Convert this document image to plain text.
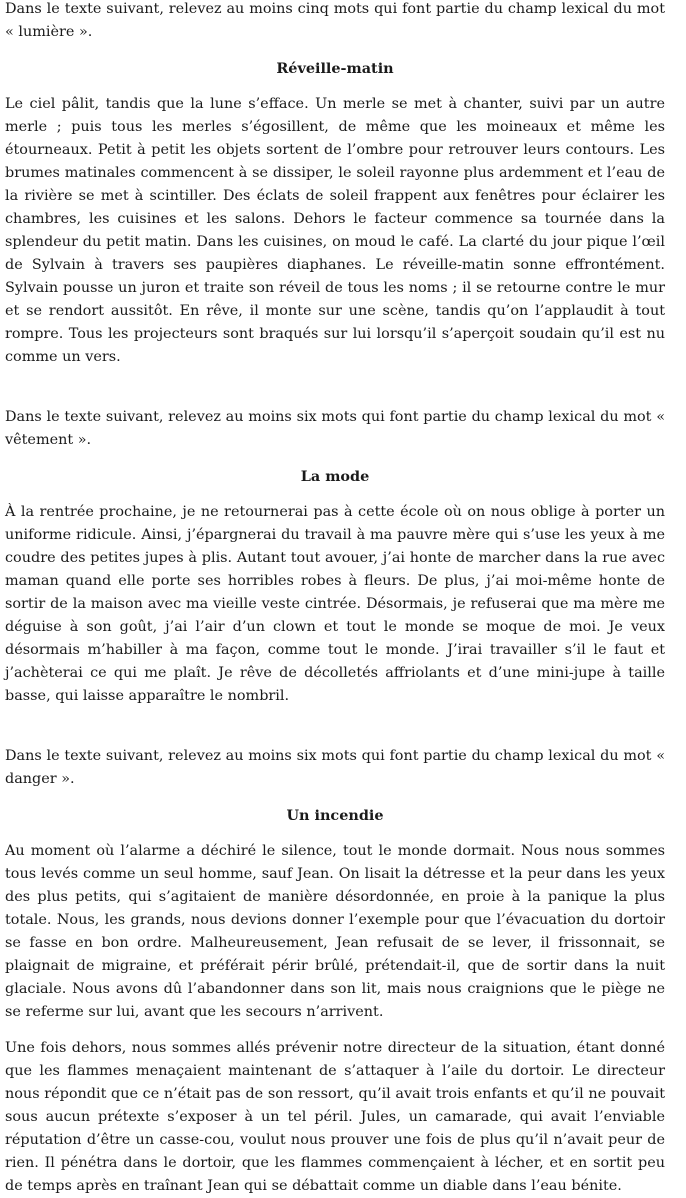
Dans le texte suivant, relevez au moins cinq mots qui font partie du champ lexical du mot « lumière ».

Réveille-matin

Le ciel pâlit, tandis que la lune s’efface. Un merle se met à chanter, suivi par un autre merle ; puis tous les merles s’égosillent, de même que les moineaux et même les étourneaux. Petit à petit les objets sortent de l’ombre pour retrouver leurs contours. Les brumes matinales commencent à se dissiper, le soleil rayonne plus ardemment et l’eau de la rivière se met à scintiller. Des éclats de soleil frappent aux fenêtres pour éclairer les chambres, les cuisines et les salons. Dehors le facteur commence sa tournée dans la splendeur du petit matin. Dans les cuisines, on moud le café. La clarté du jour pique l’œil de Sylvain à travers ses paupières diaphanes. Le réveille-matin sonne effrontément. Sylvain pousse un juron et traite son réveil de tous les noms ; il se retourne contre le mur et se rendort aussitôt. En rêve, il monte sur une scène, tandis qu’on l’applaudit à tout rompre. Tous les projecteurs sont braqués sur lui lorsqu’il s’aperçoit soudain qu’il est nu comme un vers.

Dans le texte suivant, relevez au moins six mots qui font partie du champ lexical du mot « vêtement ».

La mode

À la rentrée prochaine, je ne retournerai pas à cette école où on nous oblige à porter un uniforme ridicule. Ainsi, j’épargnerai du travail à ma pauvre mère qui s’use les yeux à me coudre des petites jupes à plis. Autant tout avouer, j’ai honte de marcher dans la rue avec maman quand elle porte ses horribles robes à fleurs. De plus, j’ai moi-même honte de sortir de la maison avec ma vieille veste cintrée. Désormais, je refuserai que ma mère me déguise à son goût, j’ai l’air d’un clown et tout le monde se moque de moi. Je veux désormais m’habiller à ma façon, comme tout le monde. J’irai travailler s’il le faut et j’achèterai ce qui me plaît. Je rêve de décolletés affriolants et d’une mini-jupe à taille basse, qui laisse apparaître le nombril.

Dans le texte suivant, relevez au moins six mots qui font partie du champ lexical du mot « danger ».

Un incendie

Au moment où l’alarme a déchiré le silence, tout le monde dormait. Nous nous sommes tous levés comme un seul homme, sauf Jean. On lisait la détresse et la peur dans les yeux des plus petits, qui s’agitaient de manière désordonnée, en proie à la panique la plus totale. Nous, les grands, nous devions donner l’exemple pour que l’évacuation du dortoir se fasse en bon ordre. Malheureusement, Jean refusait de se lever, il frissonnait, se plaignait de migraine, et préférait périr brûlé, prétendait-il, que de sortir dans la nuit glaciale. Nous avons dû l’abandonner dans son lit, mais nous craignions que le piège ne se referme sur lui, avant que les secours n’arrivent.

Une fois dehors, nous sommes allés prévenir notre directeur de la situation, étant donné que les flammes menaçaient maintenant de s’attaquer à l’aile du dortoir. Le directeur nous répondit que ce n’était pas de son ressort, qu’il avait trois enfants et qu’il ne pouvait sous aucun prétexte s’exposer à un tel péril. Jules, un camarade, qui avait l’enviable réputation d’être un casse-cou, voulut nous prouver une fois de plus qu’il n’avait peur de rien. Il pénétra dans le dortoir, que les flammes commençaient à lécher, et en sortit peu de temps après en traînant Jean qui se débattait comme un diable dans l’eau bénite.
